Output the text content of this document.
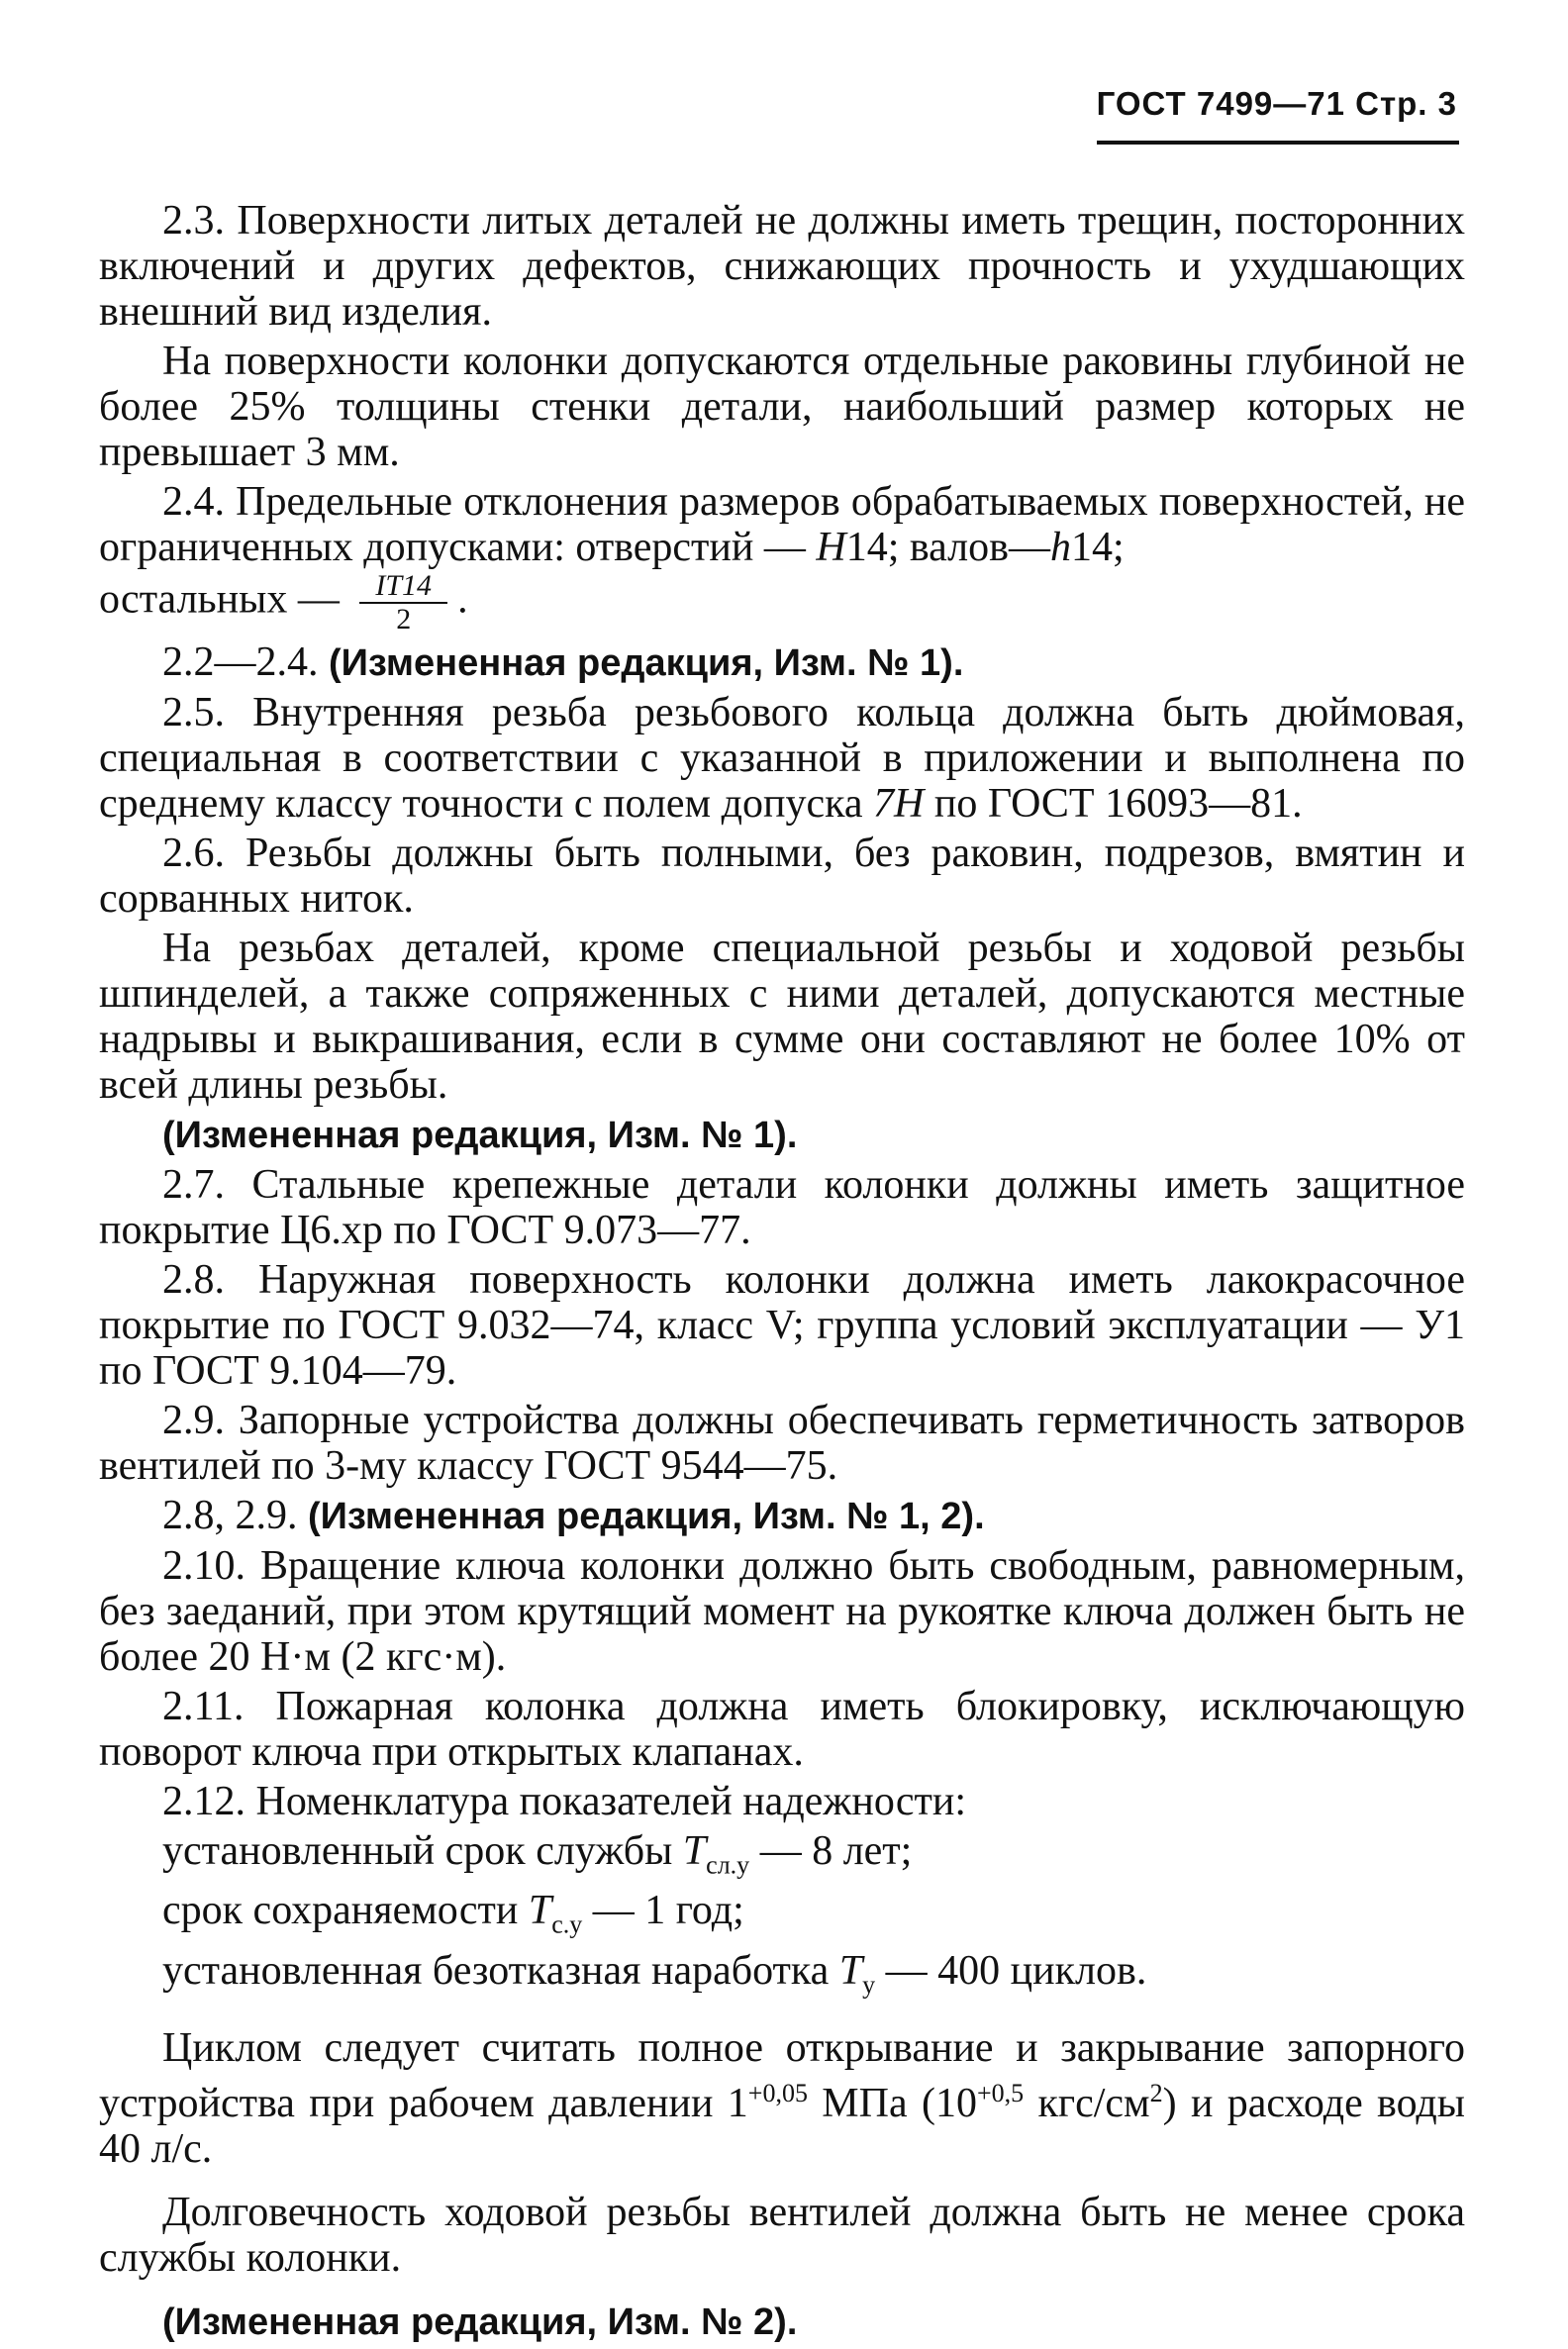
ГОСТ 7499—71 Стр. 3

2.3. Поверхности литых деталей не должны иметь трещин, посторонних включений и других дефектов, снижающих прочность и ухудшающих внешний вид изделия.

На поверхности колонки допускаются отдельные раковины глубиной не более 25% толщины стенки детали, наибольший размер которых не превышает 3 мм.

2.4. Предельные отклонения размеров обрабатываемых поверхностей, не ограниченных допусками: отверстий — H14; валов—h14;
остальных — $\frac{IT14}{2}$ .

2.2—2.4. (Измененная редакция, Изм. № 1).

2.5. Внутренняя резьба резьбового кольца должна быть дюймовая, специальная в соответствии с указанной в приложении и выполнена по среднему классу точности с полем допуска 7H по ГОСТ 16093—81.

2.6. Резьбы должны быть полными, без раковин, подрезов, вмятин и сорванных ниток.

На резьбах деталей, кроме специальной резьбы и ходовой резьбы шпинделей, а также сопряженных с ними деталей, допускаются местные надрывы и выкрашивания, если в сумме они составляют не более 10% от всей длины резьбы.

(Измененная редакция, Изм. № 1).

2.7. Стальные крепежные детали колонки должны иметь защитное покрытие Ц6.хр по ГОСТ 9.073—77.

2.8. Наружная поверхность колонки должна иметь лакокрасочное покрытие по ГОСТ 9.032—74, класс V; группа условий эксплуатации — У1 по ГОСТ 9.104—79.

2.9. Запорные устройства должны обеспечивать герметичность затворов вентилей по 3-му классу ГОСТ 9544—75.

2.8, 2.9. (Измененная редакция, Изм. № 1, 2).

2.10. Вращение ключа колонки должно быть свободным, равномерным, без заеданий, при этом крутящий момент на рукоятке ключа должен быть не более 20 Н·м (2 кгс·м).

2.11. Пожарная колонка должна иметь блокировку, исключающую поворот ключа при открытых клапанах.

2.12. Номенклатура показателей надежности:

установленный срок службы $T_{сл.у}$ — 8 лет;

срок сохраняемости $T_{с.у}$ — 1 год;

установленная безотказная наработка $T_у$ — 400 циклов.

Циклом следует считать полное открывание и закрывание запорного устройства при рабочем давлении $1^{+0,05}$ МПа ($10^{+0,5}$ кгс/$см^2$) и расходе воды 40 л/с.

Долговечность ходовой резьбы вентилей должна быть не менее срока службы колонки.

(Измененная редакция, Изм. № 2).
